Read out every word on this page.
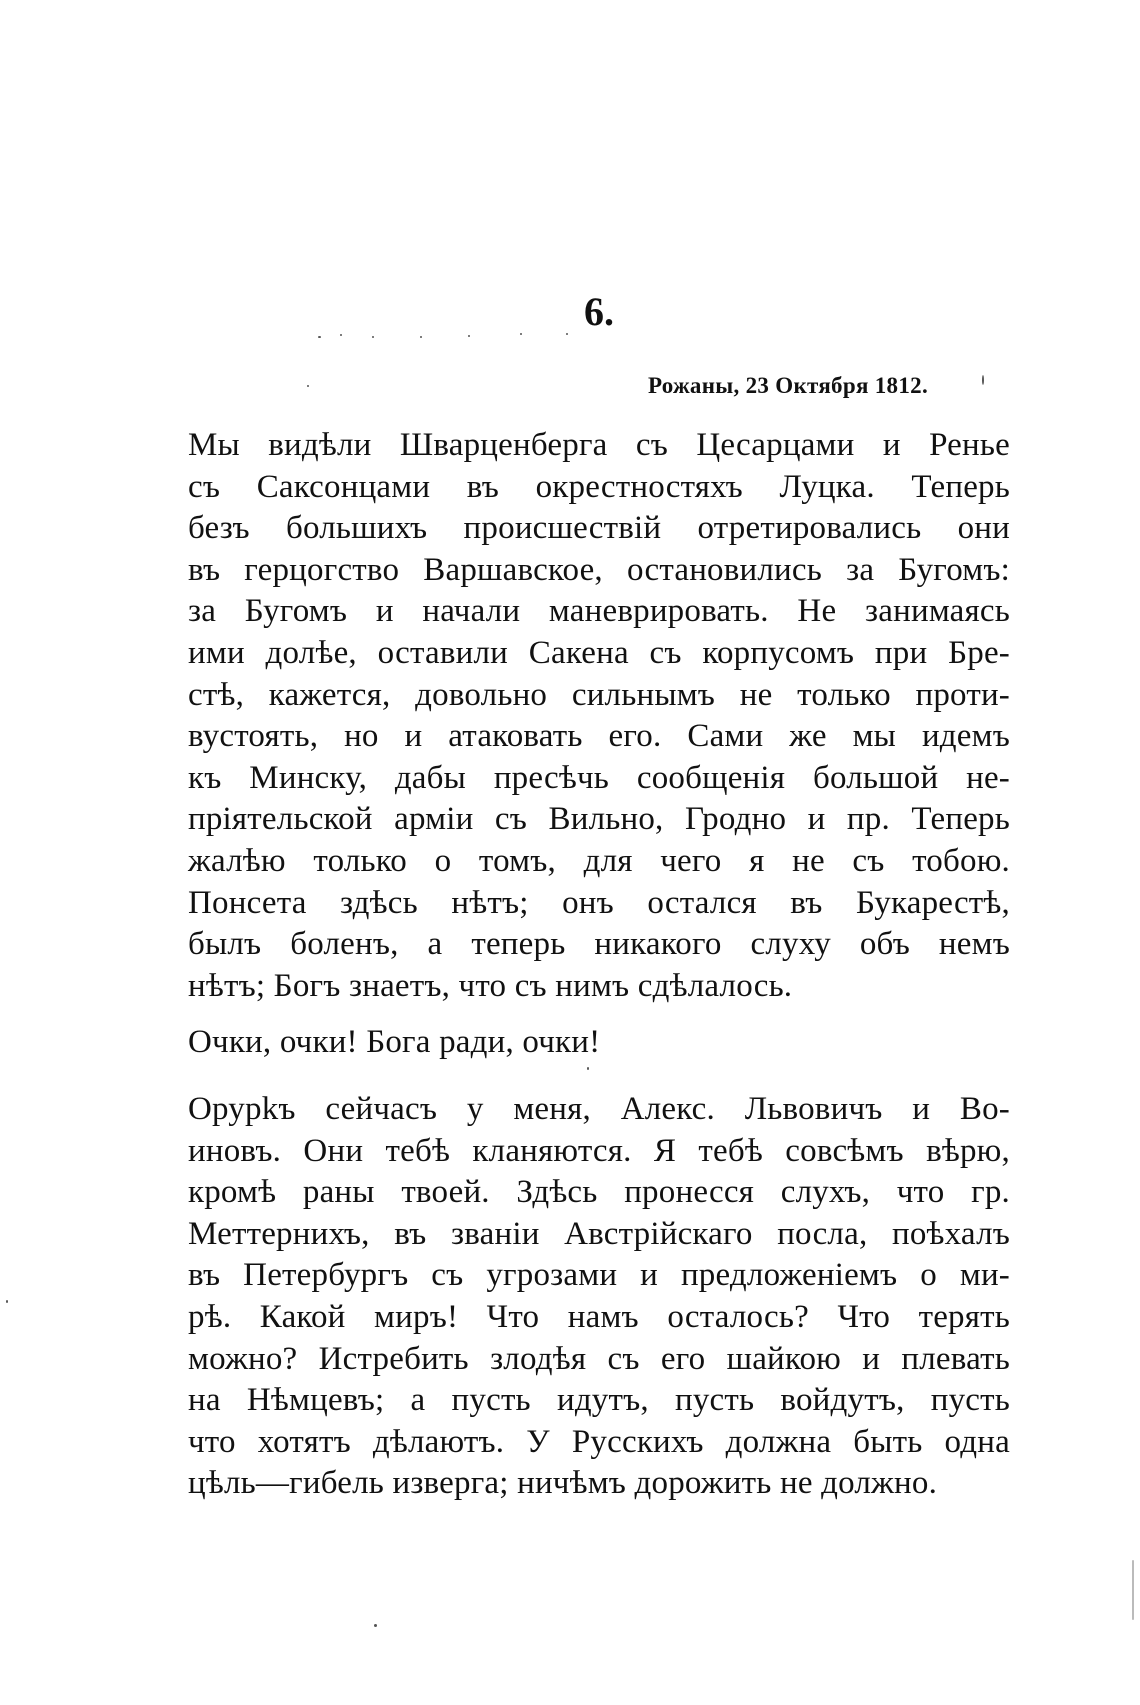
6.
Рожаны, 23 Октября 1812.
Мы видѣли Шварценберга съ Цесарцами и Ренье
съ Саксонцами въ окрестностяхъ Луцка. Теперь
безъ большихъ происшествій отретировались они
въ герцогство Варшавское, остановились за Бугомъ:
за Бугомъ и начали маневрировать. Не занимаясь
ими долѣе, оставили Сакена съ корпусомъ при Бре-
стѣ, кажется, довольно сильнымъ не только проти-
вустоять, но и атаковать его. Сами же мы идемъ
къ Минску, дабы пресѣчь сообщенія большой не-
пріятельской арміи съ Вильно, Гродно и пр. Теперь
жалѣю только о томъ, для чего я не съ тобою.
Понсета здѣсь нѣтъ; онъ остался въ Букарестѣ,
былъ боленъ, а теперь никакого слуху объ немъ
нѣтъ; Богъ знаетъ, что съ нимъ сдѣлалось.
Очки, очки! Бога ради, очки!
Орурkъ сейчасъ у меня, Алекс. Львовичъ и Во-
иновъ. Они тебѣ кланяются. Я тебѣ совсѣмъ вѣрю,
кромѣ раны твоей. Здѣсь пронесся слухъ, что гр.
Меттернихъ, въ званіи Австрійскаго посла, поѣхалъ
въ Петербургъ съ угрозами и предложеніемъ о ми-
рѣ. Какой миръ! Что намъ осталось? Что терять
можно? Истребить злодѣя съ его шайкою и плевать
на Нѣмцевъ; а пусть идутъ, пусть войдутъ, пусть
что хотятъ дѣлаютъ. У Русскихъ должна быть одна
цѣль—гибель изверга; ничѣмъ дорожить не должно.
